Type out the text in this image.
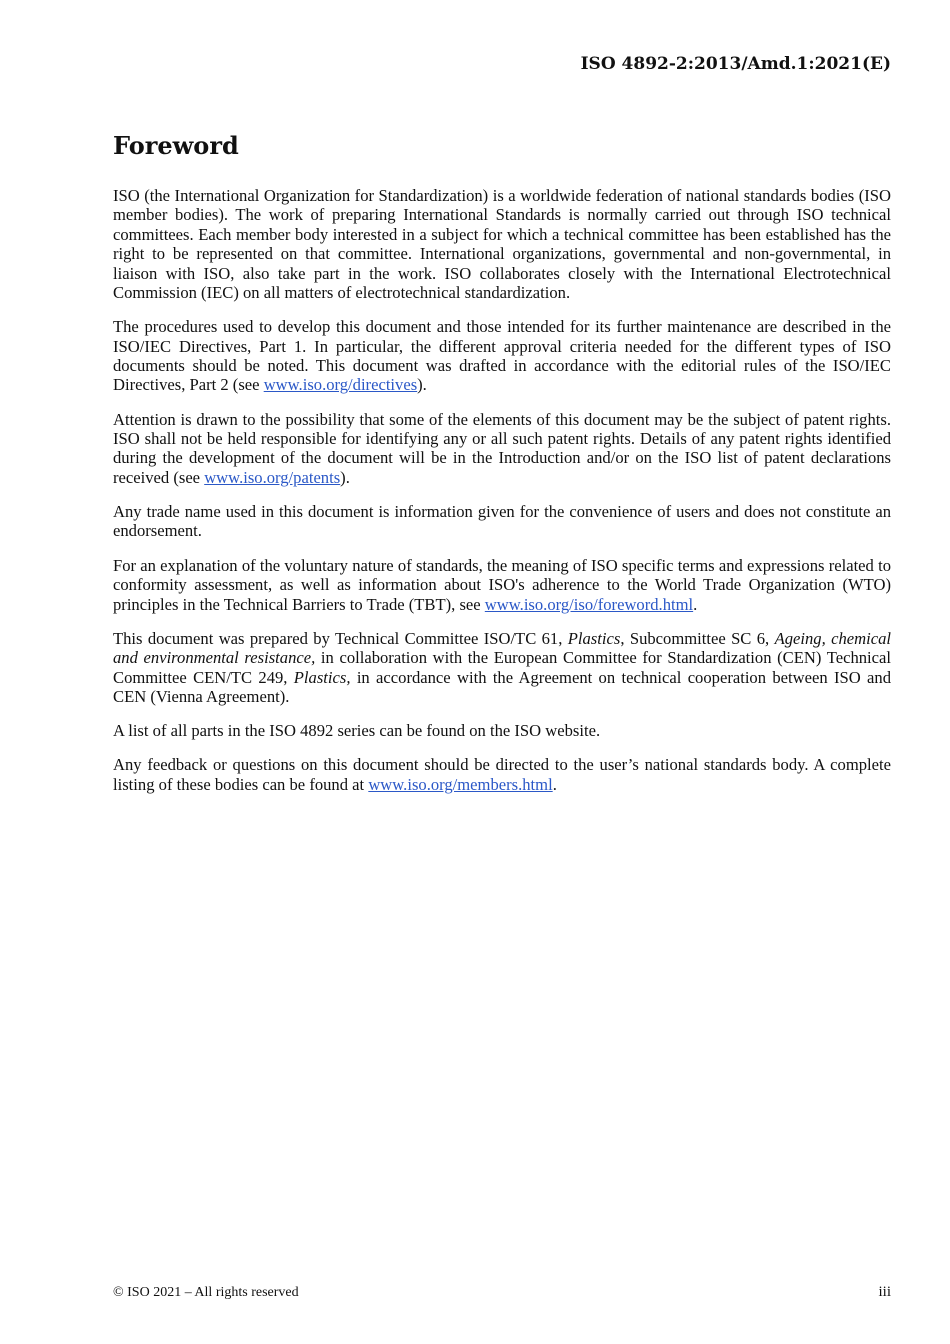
ISO 4892-2:2013/Amd.1:2021(E)
Foreword

ISO (the International Organization for Standardization) is a worldwide federation of national standards bodies (ISO member bodies). The work of preparing International Standards is normally carried out through ISO technical committees. Each member body interested in a subject for which a technical committee has been established has the right to be represented on that committee. International organizations, governmental and non-governmental, in liaison with ISO, also take part in the work. ISO collaborates closely with the International Electrotechnical Commission (IEC) on all matters of electrotechnical standardization.

The procedures used to develop this document and those intended for its further maintenance are described in the ISO/IEC Directives, Part 1. In particular, the different approval criteria needed for the different types of ISO documents should be noted. This document was drafted in accordance with the editorial rules of the ISO/IEC Directives, Part 2 (see www.iso.org/directives).

Attention is drawn to the possibility that some of the elements of this document may be the subject of patent rights. ISO shall not be held responsible for identifying any or all such patent rights. Details of any patent rights identified during the development of the document will be in the Introduction and/or on the ISO list of patent declarations received (see www.iso.org/patents).

Any trade name used in this document is information given for the convenience of users and does not constitute an endorsement.

For an explanation of the voluntary nature of standards, the meaning of ISO specific terms and expressions related to conformity assessment, as well as information about ISO's adherence to the World Trade Organization (WTO) principles in the Technical Barriers to Trade (TBT), see www.iso.org/iso/foreword.html.

This document was prepared by Technical Committee ISO/TC 61, Plastics, Subcommittee SC 6, Ageing, chemical and environmental resistance, in collaboration with the European Committee for Standardization (CEN) Technical Committee CEN/TC 249, Plastics, in accordance with the Agreement on technical cooperation between ISO and CEN (Vienna Agreement).

A list of all parts in the ISO 4892 series can be found on the ISO website.

Any feedback or questions on this document should be directed to the user’s national standards body. A complete listing of these bodies can be found at www.iso.org/members.html.

© ISO 2021 – All rights reserved	iii
